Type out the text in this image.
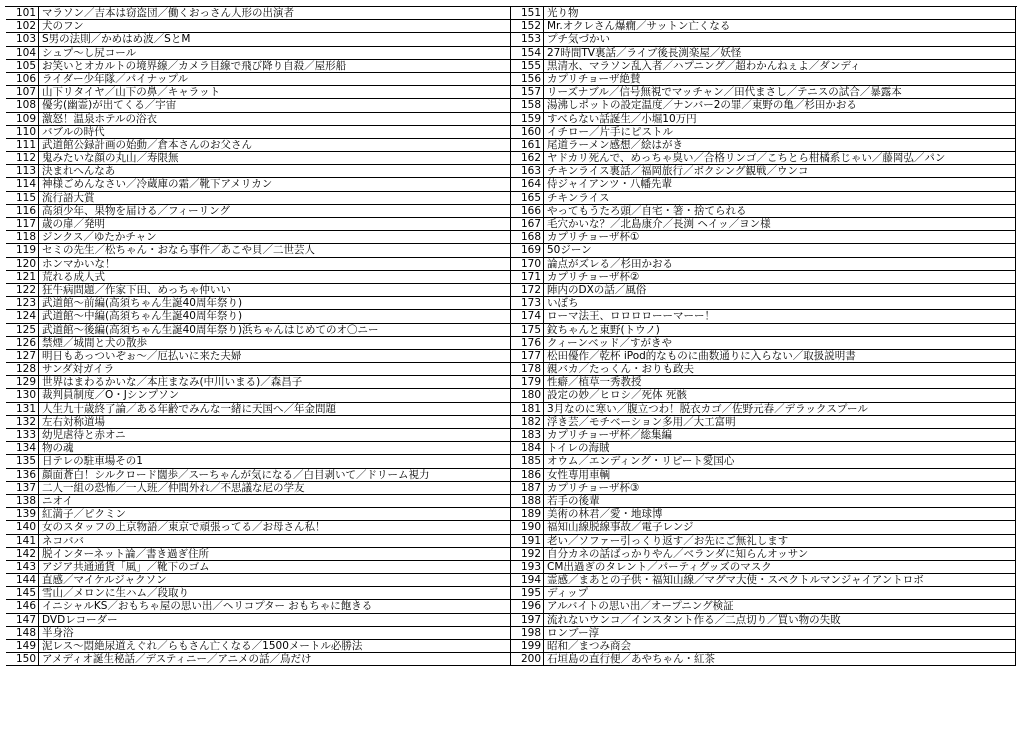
101 マラソン／吉本は窃盗団／働くおっさん人形の出演者
102 犬のフン
103 S男の法則／かめはめ波／SとM
104 シュプ〜し尻コール
105 お笑いとオカルトの境界線／カメラ目線で飛び降り自殺／屋形船
106 ライダー少年隊／パイナップル
107 山下リタイヤ／山下の鼻／キャラット
108 優劣(幽霊)が出てくる／宇宙
109 激怒！温泉ホテルの浴衣
110 バブルの時代
111 武道館公録計画の始動／倉本さんのお父さん
112 鬼みたいな顔の丸山／寿限無
113 決まれへんなあ
114 神様ごめんなさい／冷蔵庫の霜／靴下アメリカン
115 流行語大賞
116 高須少年、果物を届ける／フィーリング
117 歳の扉／発明
118 ジンクス／ゆたかチャン
119 セミの先生／松ちゃん・おなら事件／あこや貝／二世芸人
120 ホンマかいな！
121 荒れる成人式
122 狂牛病問題／作家下田、めっちゃ仲いい
123 武道館〜前編(高須ちゃん生誕40周年祭り)
124 武道館〜中編(高須ちゃん生誕40周年祭り)
125 武道館〜後編(高須ちゃん生誕40周年祭り)浜ちゃんはじめてのオ〇ニー
126 禁煙／城間と犬の散歩
127 明日もあっついぞぉ〜／厄払いに来た夫婦
128 サンダ対ガイラ
129 世界はまわるかいな／本庄まなみ(中川いまる)／森昌子
130 裁判員制度／O・Jシンプソン
131 人生九十歳終了論／ある年齢でみんな一緒に天国へ／年金問題
132 左右対称道場
133 幼児虐待と赤オニ
134 物の魂
135 日テレの駐車場その1
136 顔面蒼白！シルクロード闊歩／スーちゃんが気になる／白目剥いて／ドリーム視力
137 二人一組の恐怖／一人班／仲間外れ／不思議な尼の学友
138 ニオイ
139 紅満子／ピクミン
140 女のスタッフの上京物語／東京で頑張ってる／お母さん私！
141 ネコババ
142 脱インターネット論／書き過ぎ住所
143 アジア共通通貨「風」／靴下のゴム
144 直感／マイケルジャクソン
145 雪山／メロンに生ハム／段取り
146 イニシャルKS／おもちゃ屋の思い出／ヘリコプター おもちゃに飽きる
147 DVDレコーダー
148 半身浴
149 泥レス〜悶絶尿道えぐれ／らもさん亡くなる／1500メートル必勝法
150 アメディオ誕生秘話／デスティニー／アニメの話／鳥だけ
151 光り物
152 Mr.オクレさん爆癇／サットン亡くなる
153 プチ気づかい
154 27時間TV裏話／ライブ後長渕楽屋／妖怪
155 黒清水、マラソン乱入者／ハプニング／超わかんねぇよ／ダンディ
156 カプリチョーザ絶賛
157 リーズナブル／信号無視でマッチャン／田代まさし／テニスの試合／暴露本
158 湯沸しポットの設定温度／ナンバー2の罪／東野の亀／杉田かおる
159 すべらない話誕生／小堀10万円
160 イチロー／片手にピストル
161 尾道ラーメン感想／絵はがき
162 ヤドカリ死んで、めっちゃ臭い／合格リンゴ／こちとら柑橘系じゃい／藤岡弘／パン
163 チキンライス裏話／福岡旅行／ボクシング観戦／ウンコ
164 侍ジャイアンツ・八幡先輩
165 チキンライス
166 やってもうたろ頭／自宅・箸・捨てられる
167 毛穴かいな？／北島康介／長渕 ヘイッ／ヨン様
168 カプリチョーザ杯①
169 50ジーン
170 論点がズレる／杉田かおる
171 カプリチョーザ杯②
172 陣内のDXの話／風俗
173 いぼち
174 ローマ法王、ロロロローーマーー！
175 鈫ちゃんと東野(トウノ)
176 クィーンベッド／すがきや
177 松田優作／乾杯 iPod的なものに曲数通りに入らない／取扱説明書
178 親バカ／たっくん・おりも政夫
179 性癖／植草一秀教授
180 設定の妙／ヒロシ／死体 死骸
181 3月なのに寒い／腹立つわ！脱衣カゴ／佐野元春／デラックスプール
182 浮き芸／モチベーション多用／大工富明
183 カプリチョーザ杯／総集編
184 トイレの海賊
185 オウム／エンディング・リピート愛国心
186 女性専用車輌
187 カプリチョーザ杯③
188 若手の後輩
189 美術の林君／愛・地球博
190 福知山線脱線事故／電子レンジ
191 老い／ソファー引っくり返す／お先にご無礼します
192 自分カネの話ばっかりやん／ベランダに知らんオッサン
193 CM出過ぎのタレント／パーティグッズのマスク
194 霊感／まあとの子供・福知山線／マグマ大使・スペクトルマンジャイアントロボ
195 ディップ
196 アルバイトの思い出／オープニング検証
197 流れないウンコ／インスタント作る／二点切り／買い物の失敗
198 ロンブー淳
199 昭和／まつみ商会
200 石垣島の直行便／あやちゃん・紅茶
